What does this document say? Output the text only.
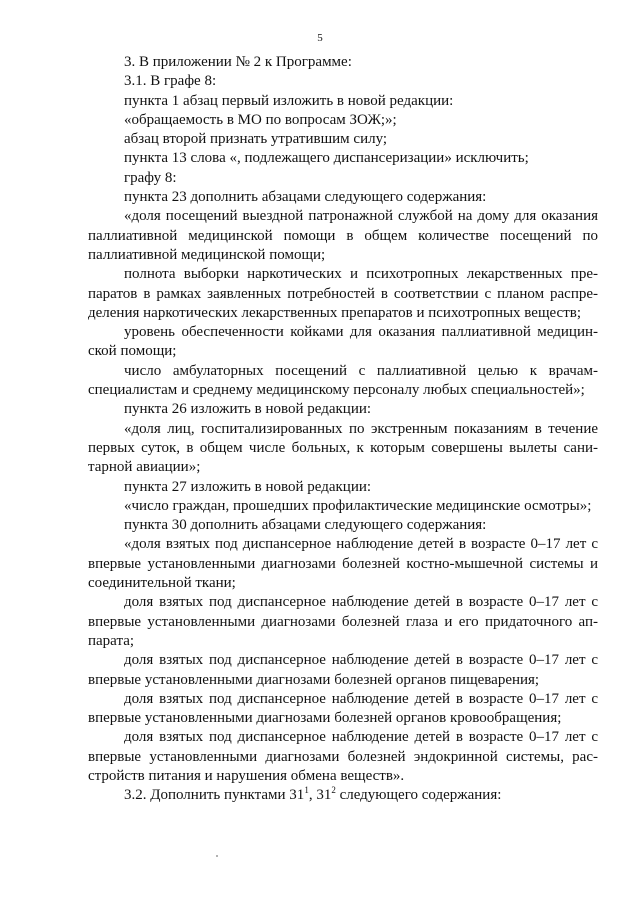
5

3. В приложении № 2 к Программе:

3.1. В графе 8:

пункта 1 абзац первый изложить в новой редакции:

«обращаемость в МО по вопросам ЗОЖ;»;

абзац второй признать утратившим силу;

пункта 13 слова «, подлежащего диспансеризации» исключить;

графу 8:

пункта 23 дополнить абзацами следующего содержания:

«доля посещений выездной патронажной службой на дому для оказания паллиативной медицинской помощи в общем количестве посещений по паллиативной медицинской помощи;

полнота выборки наркотических и психотропных лекарственных препаратов в рамках заявленных потребностей в соответствии с планом распределения наркотических лекарственных препаратов и психотропных веществ;

уровень обеспеченности койками для оказания паллиативной медицинской помощи;

число амбулаторных посещений с паллиативной целью к врачам-специалистам и среднему медицинскому персоналу любых специальностей»;

пункта 26 изложить в новой редакции:

«доля лиц, госпитализированных по экстренным показаниям в течение первых суток, в общем числе больных, к которым совершены вылеты санитарной авиации»;

пункта 27 изложить в новой редакции:

«число граждан, прошедших профилактические медицинские осмотры»;

пункта 30 дополнить абзацами следующего содержания:

«доля взятых под диспансерное наблюдение детей в возрасте 0–17 лет с впервые установленными диагнозами болезней костно-мышечной системы и соединительной ткани;

доля взятых под диспансерное наблюдение детей в возрасте 0–17 лет с впервые установленными диагнозами болезней глаза и его придаточного аппарата;

доля взятых под диспансерное наблюдение детей в возрасте 0–17 лет с впервые установленными диагнозами болезней органов пищеварения;

доля взятых под диспансерное наблюдение детей в возрасте 0–17 лет с впервые установленными диагнозами болезней органов кровообращения;

доля взятых под диспансерное наблюдение детей в возрасте 0–17 лет с впервые установленными диагнозами болезней эндокринной системы, расстройств питания и нарушения обмена веществ».

3.2. Дополнить пунктами $31^1$, $31^2$ следующего содержания:
